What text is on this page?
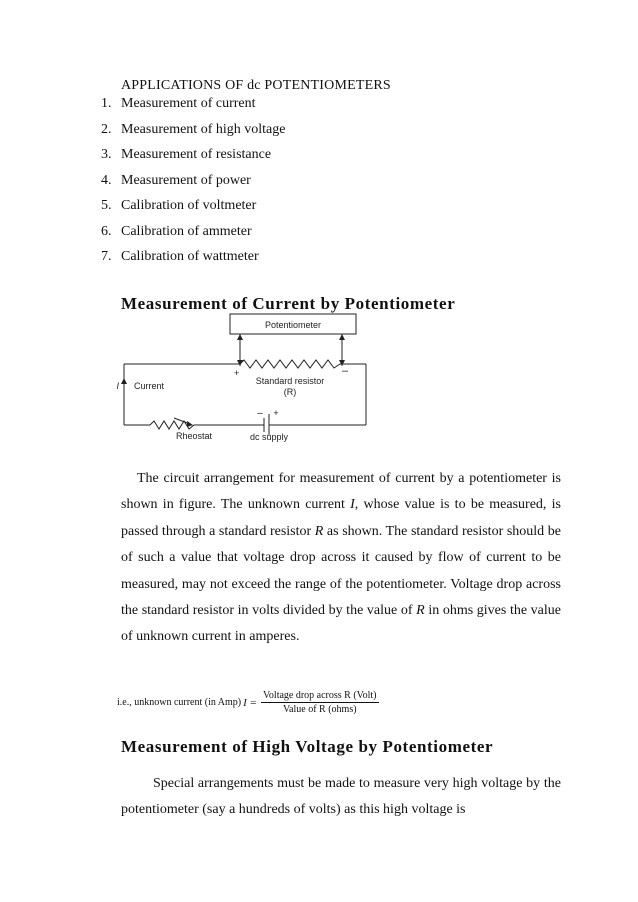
APPLICATIONS OF dc POTENTIOMETERS
1. Measurement of current
2. Measurement of high voltage
3. Measurement of resistance
4. Measurement of power
5. Calibration of voltmeter
6. Calibration of ammeter
7. Calibration of wattmeter
Measurement of Current by Potentiometer
Potentiometer
+	–
Standard resistor
(R)
I Current
Rheostat
– +
dc supply

The circuit arrangement for measurement of current by a potentiometer is shown in figure. The unknown current I, whose value is to be measured, is passed through a standard resistor R as shown. The standard resistor should be of such a value that voltage drop across it caused by flow of current to be measured, may not exceed the range of the potentiometer. Voltage drop across the standard resistor in volts divided by the value of R in ohms gives the value of unknown current in amperes.

i.e., unknown current (in Amp) $I = \frac{\text{Voltage drop across R (Volt)}}{\text{Value of R (ohms)}}$
Measurement of High Voltage by Potentiometer

Special arrangements must be made to measure very high voltage by the potentiometer (say a hundreds of volts) as this high voltage is
